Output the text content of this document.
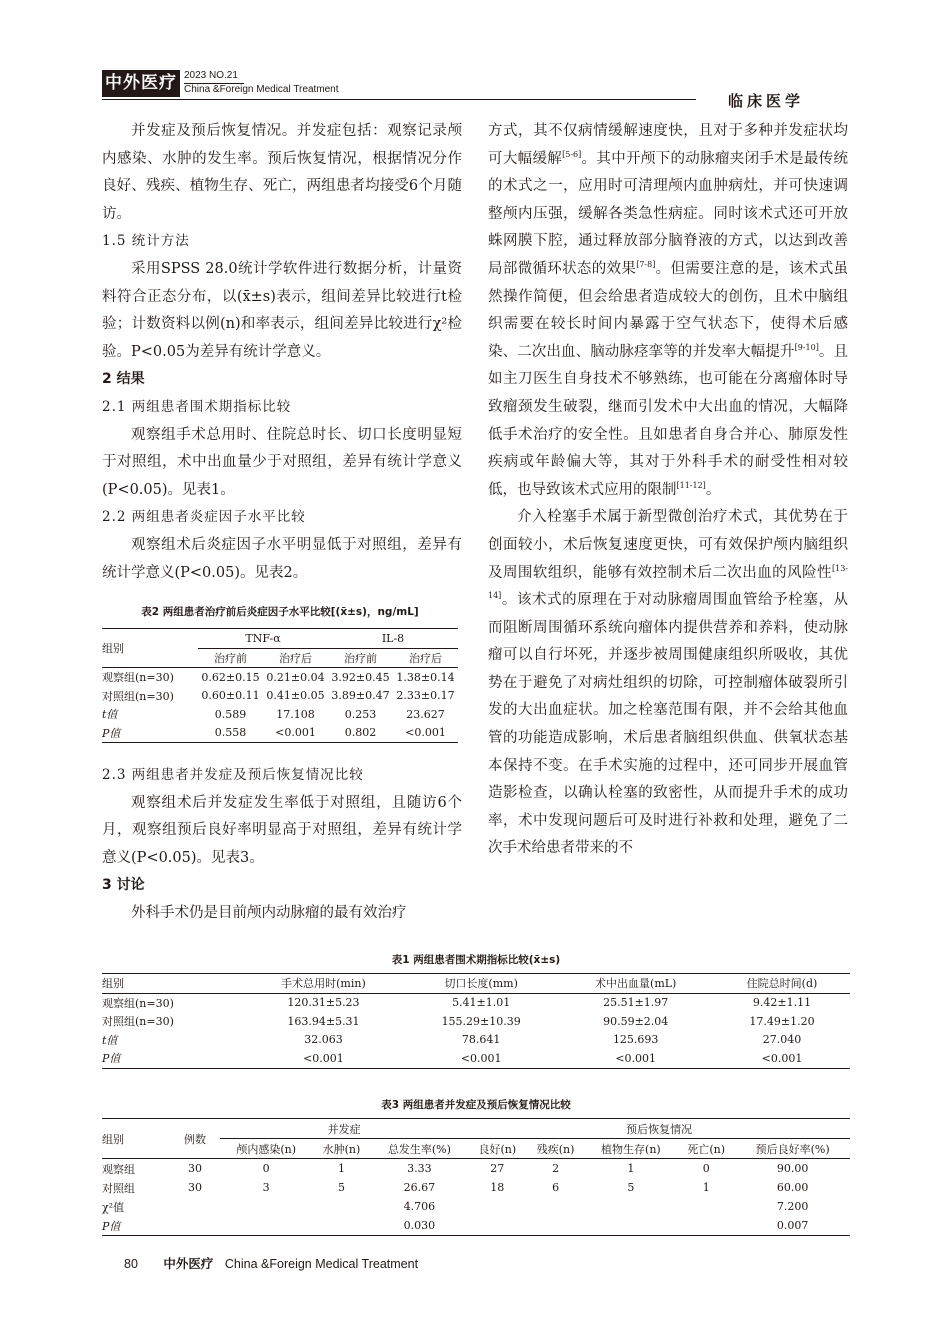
中外医疗 2023 NO.21
China &Foreign Medical Treatment
临床医学

并发症及预后恢复情况。并发症包括：观察记录颅内感染、水肿的发生率。预后恢复情况，根据情况分作良好、残疾、植物生存、死亡，两组患者均接受6个月随访。

1.5 统计方法

采用SPSS 28.0统计学软件进行数据分析，计量资料符合正态分布，以(x̄±s)表示，组间差异比较进行t检验；计数资料以例(n)和率表示，组间差异比较进行χ²检验。P<0.05为差异有统计学意义。

2 结果

2.1 两组患者围术期指标比较

观察组手术总用时、住院总时长、切口长度明显短于对照组，术中出血量少于对照组，差异有统计学意义(P<0.05)。见表1。

2.2 两组患者炎症因子水平比较

观察组术后炎症因子水平明显低于对照组，差异有统计学意义(P<0.05)。见表2。

表2 两组患者治疗前后炎症因子水平比较[(x̄±s)，ng/mL]
组别	TNF-α		IL-8	
	治疗前	治疗后	治疗前	治疗后
观察组(n=30)	0.62±0.15	0.21±0.04	3.92±0.45	1.38±0.14
对照组(n=30)	0.60±0.11	0.41±0.05	3.89±0.47	2.33±0.17
t值	0.589	17.108	0.253	23.627
P值	0.558	<0.001	0.802	<0.001

2.3 两组患者并发症及预后恢复情况比较

观察组术后并发症发生率低于对照组，且随访6个月，观察组预后良好率明显高于对照组，差异有统计学意义(P<0.05)。见表3。

3 讨论

外科手术仍是目前颅内动脉瘤的最有效治疗

方式，其不仅病情缓解速度快，且对于多种并发症状均可大幅缓解[5-6]。其中开颅下的动脉瘤夹闭手术是最传统的术式之一，应用时可清理颅内血肿病灶，并可快速调整颅内压强，缓解各类急性病症。同时该术式还可开放蛛网膜下腔，通过释放部分脑脊液的方式，以达到改善局部微循环状态的效果[7-8]。但需要注意的是，该术式虽然操作简便，但会给患者造成较大的创伤，且术中脑组织需要在较长时间内暴露于空气状态下，使得术后感染、二次出血、脑动脉痉挛等的并发率大幅提升[9-10]。且如主刀医生自身技术不够熟练，也可能在分离瘤体时导致瘤颈发生破裂，继而引发术中大出血的情况，大幅降低手术治疗的安全性。且如患者自身合并心、肺原发性疾病或年龄偏大等，其对于外科手术的耐受性相对较低，也导致该术式应用的限制[11-12]。

介入栓塞手术属于新型微创治疗术式，其优势在于创面较小，术后恢复速度更快，可有效保护颅内脑组织及周围软组织，能够有效控制术后二次出血的风险性[13-14]。该术式的原理在于对动脉瘤周围血管给予栓塞，从而阻断周围循环系统向瘤体内提供营养和养料，使动脉瘤可以自行坏死，并逐步被周围健康组织所吸收，其优势在于避免了对病灶组织的切除，可控制瘤体破裂所引发的大出血症状。加之栓塞范围有限，并不会给其他血管的功能造成影响，术后患者脑组织供血、供氧状态基本保持不变。在手术实施的过程中，还可同步开展血管造影检查，以确认栓塞的致密性，从而提升手术的成功率，术中发现问题后可及时进行补救和处理，避免了二次手术给患者带来的不

表1 两组患者围术期指标比较(x̄±s)
组别	手术总用时(min)	切口长度(mm)	术中出血量(mL)	住院总时间(d)
观察组(n=30)	120.31±5.23	5.41±1.01	25.51±1.97	9.42±1.11
对照组(n=30)	163.94±5.31	155.29±10.39	90.59±2.04	17.49±1.20
t值	32.063	78.641	125.693	27.040
P值	<0.001	<0.001	<0.001	<0.001
表3 两组患者并发症及预后恢复情况比较
组别	例数	并发症			预后恢复情况				
		颅内感染(n)	水肿(n)	总发生率(%)	良好(n)	残疾(n)	植物生存(n)	死亡(n)	预后良好率(%)
观察组	30	0	1	3.33	27	2	1	0	90.00
对照组	30	3	5	26.67	18	6	5	1	60.00
χ²值				4.706					7.200
P值				0.030					0.007
80 中外医疗 China &Foreign Medical Treatment
